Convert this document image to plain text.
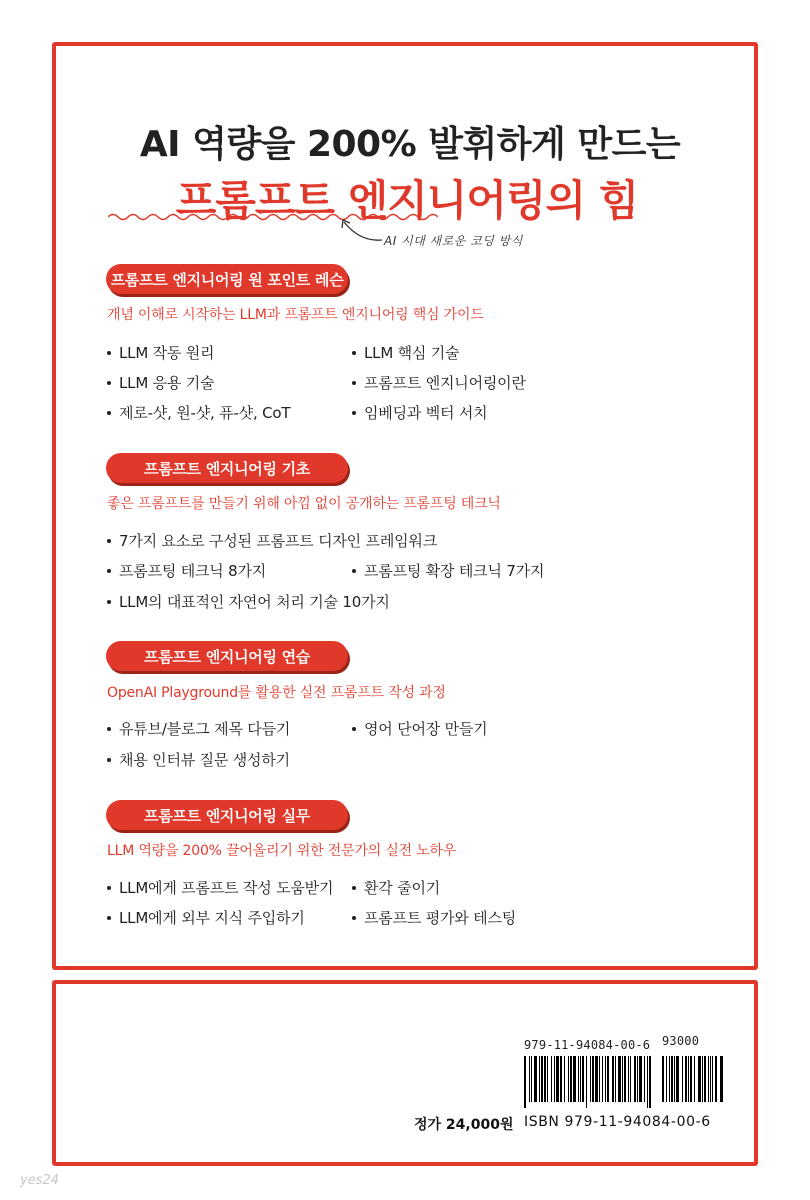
AI 역량을 200% 발휘하게 만드는
프롬프트 엔지니어링의 힘
AI 시대 새로운 코딩 방식
프롬프트 엔지니어링 원 포인트 레슨
개념 이해로 시작하는 LLM과 프롬프트 엔지니어링 핵심 가이드
LLM 작동 원리	LLM 핵심 기술
LLM 응용 기술	프롬프트 엔지니어링이란
제로-샷, 원-샷, 퓨-샷, CoT	임베딩과 벡터 서치
프롬프트 엔지니어링 기초
좋은 프롬프트를 만들기 위해 아낌 없이 공개하는 프롬프팅 테크닉
7가지 요소로 구성된 프롬프트 디자인 프레임워크
프롬프팅 테크닉 8가지	프롬프팅 확장 테크닉 7가지
LLM의 대표적인 자연어 처리 기술 10가지
프롬프트 엔지니어링 연습
OpenAI Playground를 활용한 실전 프롬프트 작성 과정
유튜브/블로그 제목 다듬기	영어 단어장 만들기
채용 인터뷰 질문 생성하기
프롬프트 엔지니어링 실무
LLM 역량을 200% 끌어올리기 위한 전문가의 실전 노하우
LLM에게 프롬프트 작성 도움받기 환각 줄이기
LLM에게 외부 지식 주입하기	프롬프트 평가와 테스팅
979-11-94084-00-6 93000
정가 24,000원 ISBN 979-11-94084-00-6
yes24
